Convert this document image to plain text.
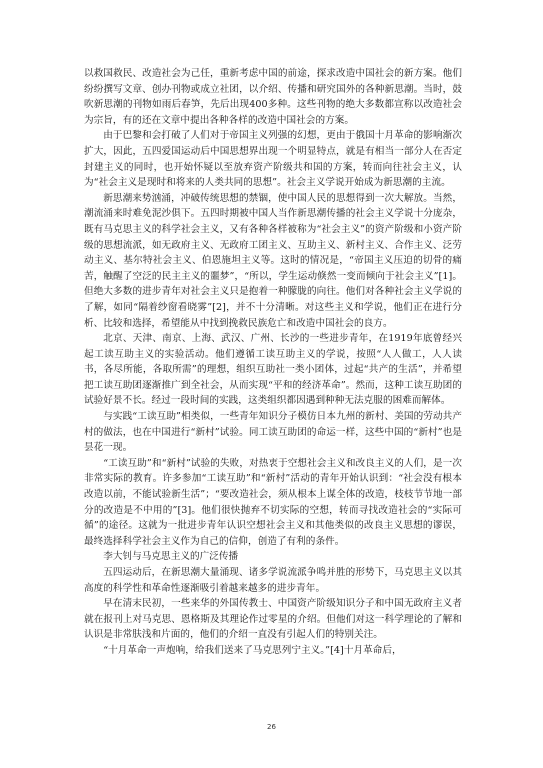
以救国救民、改造社会为己任，重新考虑中国的前途，探求改造中国社会的新方案。他们纷纷撰写文章、创办刊物或成立社团，以介绍、传播和研究国外的各种新思潮。当时，鼓吹新思潮的刊物如雨后春笋，先后出现400多种。这些刊物的绝大多数都宣称以改造社会为宗旨，有的还在文章中提出各种各样的改造中国社会的方案。

由于巴黎和会打破了人们对于帝国主义列强的幻想，更由于俄国十月革命的影响渐次扩大，因此，五四爱国运动后中国思想界出现一个明显特点，就是有相当一部分人在否定封建主义的同时，也开始怀疑以至放弃资产阶级共和国的方案，转而向往社会主义，认为“社会主义是现时和将来的人类共同的思想”。社会主义学说开始成为新思潮的主流。

新思潮来势汹涌，冲破传统思想的禁锢，使中国人民的思想得到一次大解放。当然，潮流涌来时难免泥沙俱下。五四时期被中国人当作新思潮传播的社会主义学说十分庞杂，既有马克思主义的科学社会主义，又有各种各样被称为“社会主义”的资产阶级和小资产阶级的思想流派，如无政府主义、无政府工团主义、互助主义、新村主义、合作主义、泛劳动主义、基尔特社会主义、伯恩施坦主义等。这时的情况是，“帝国主义压迫的切骨的痛苦，触醒了空泛的民主主义的噩梦”，“所以，学生运动倏然一变而倾向于社会主义”[1]。但绝大多数的进步青年对社会主义只是抱着一种朦胧的向往。他们对各种社会主义学说的了解，如同“隔着纱窗看晓雾”[2]，并不十分清晰。对这些主义和学说，他们正在进行分析、比较和选择，希望能从中找到挽救民族危亡和改造中国社会的良方。

北京、天津、南京、上海、武汉、广州、长沙的一些进步青年，在1919年底曾经兴起工读互助主义的实验活动。他们遵循工读互助主义的学说，按照“人人做工，人人读书，各尽所能，各取所需”的理想，组织互助社一类小团体，过起“共产的生活”，并希望把工读互助团逐渐推广到全社会，从而实现“平和的经济革命”。然而，这种工读互助团的试验好景不长。经过一段时间的实践，这类组织都因遇到种种无法克服的困难而解体。

与实践“工读互助”相类似，一些青年知识分子模仿日本九州的新村、美国的劳动共产村的做法，也在中国进行“新村”试验。同工读互助团的命运一样，这些中国的“新村”也是昙花一现。

“工读互助”和“新村”试验的失败，对热衷于空想社会主义和改良主义的人们，是一次非常实际的教育。许多参加“工读互助”和“新村”活动的青年开始认识到：“社会没有根本改造以前，不能试验新生活”；“要改造社会，须从根本上谋全体的改造，枝枝节节地一部分的改造是不中用的”[3]。他们很快抛弃不切实际的空想，转而寻找改造社会的“实际可循”的途径。这就为一批进步青年认识空想社会主义和其他类似的改良主义思想的谬误，最终选择科学社会主义作为自己的信仰，创造了有利的条件。

李大钊与马克思主义的广泛传播

五四运动后，在新思潮大量涌现、诸多学说流派争鸣并胜的形势下，马克思主义以其高度的科学性和革命性逐渐吸引着越来越多的进步青年。

早在清末民初，一些来华的外国传教士、中国资产阶级知识分子和中国无政府主义者就在报刊上对马克思、恩格斯及其理论作过零星的介绍。但他们对这一科学理论的了解和认识是非常肤浅和片面的，他们的介绍一直没有引起人们的特别关注。

“十月革命一声炮响，给我们送来了马克思列宁主义。”[4]十月革命后，

26
